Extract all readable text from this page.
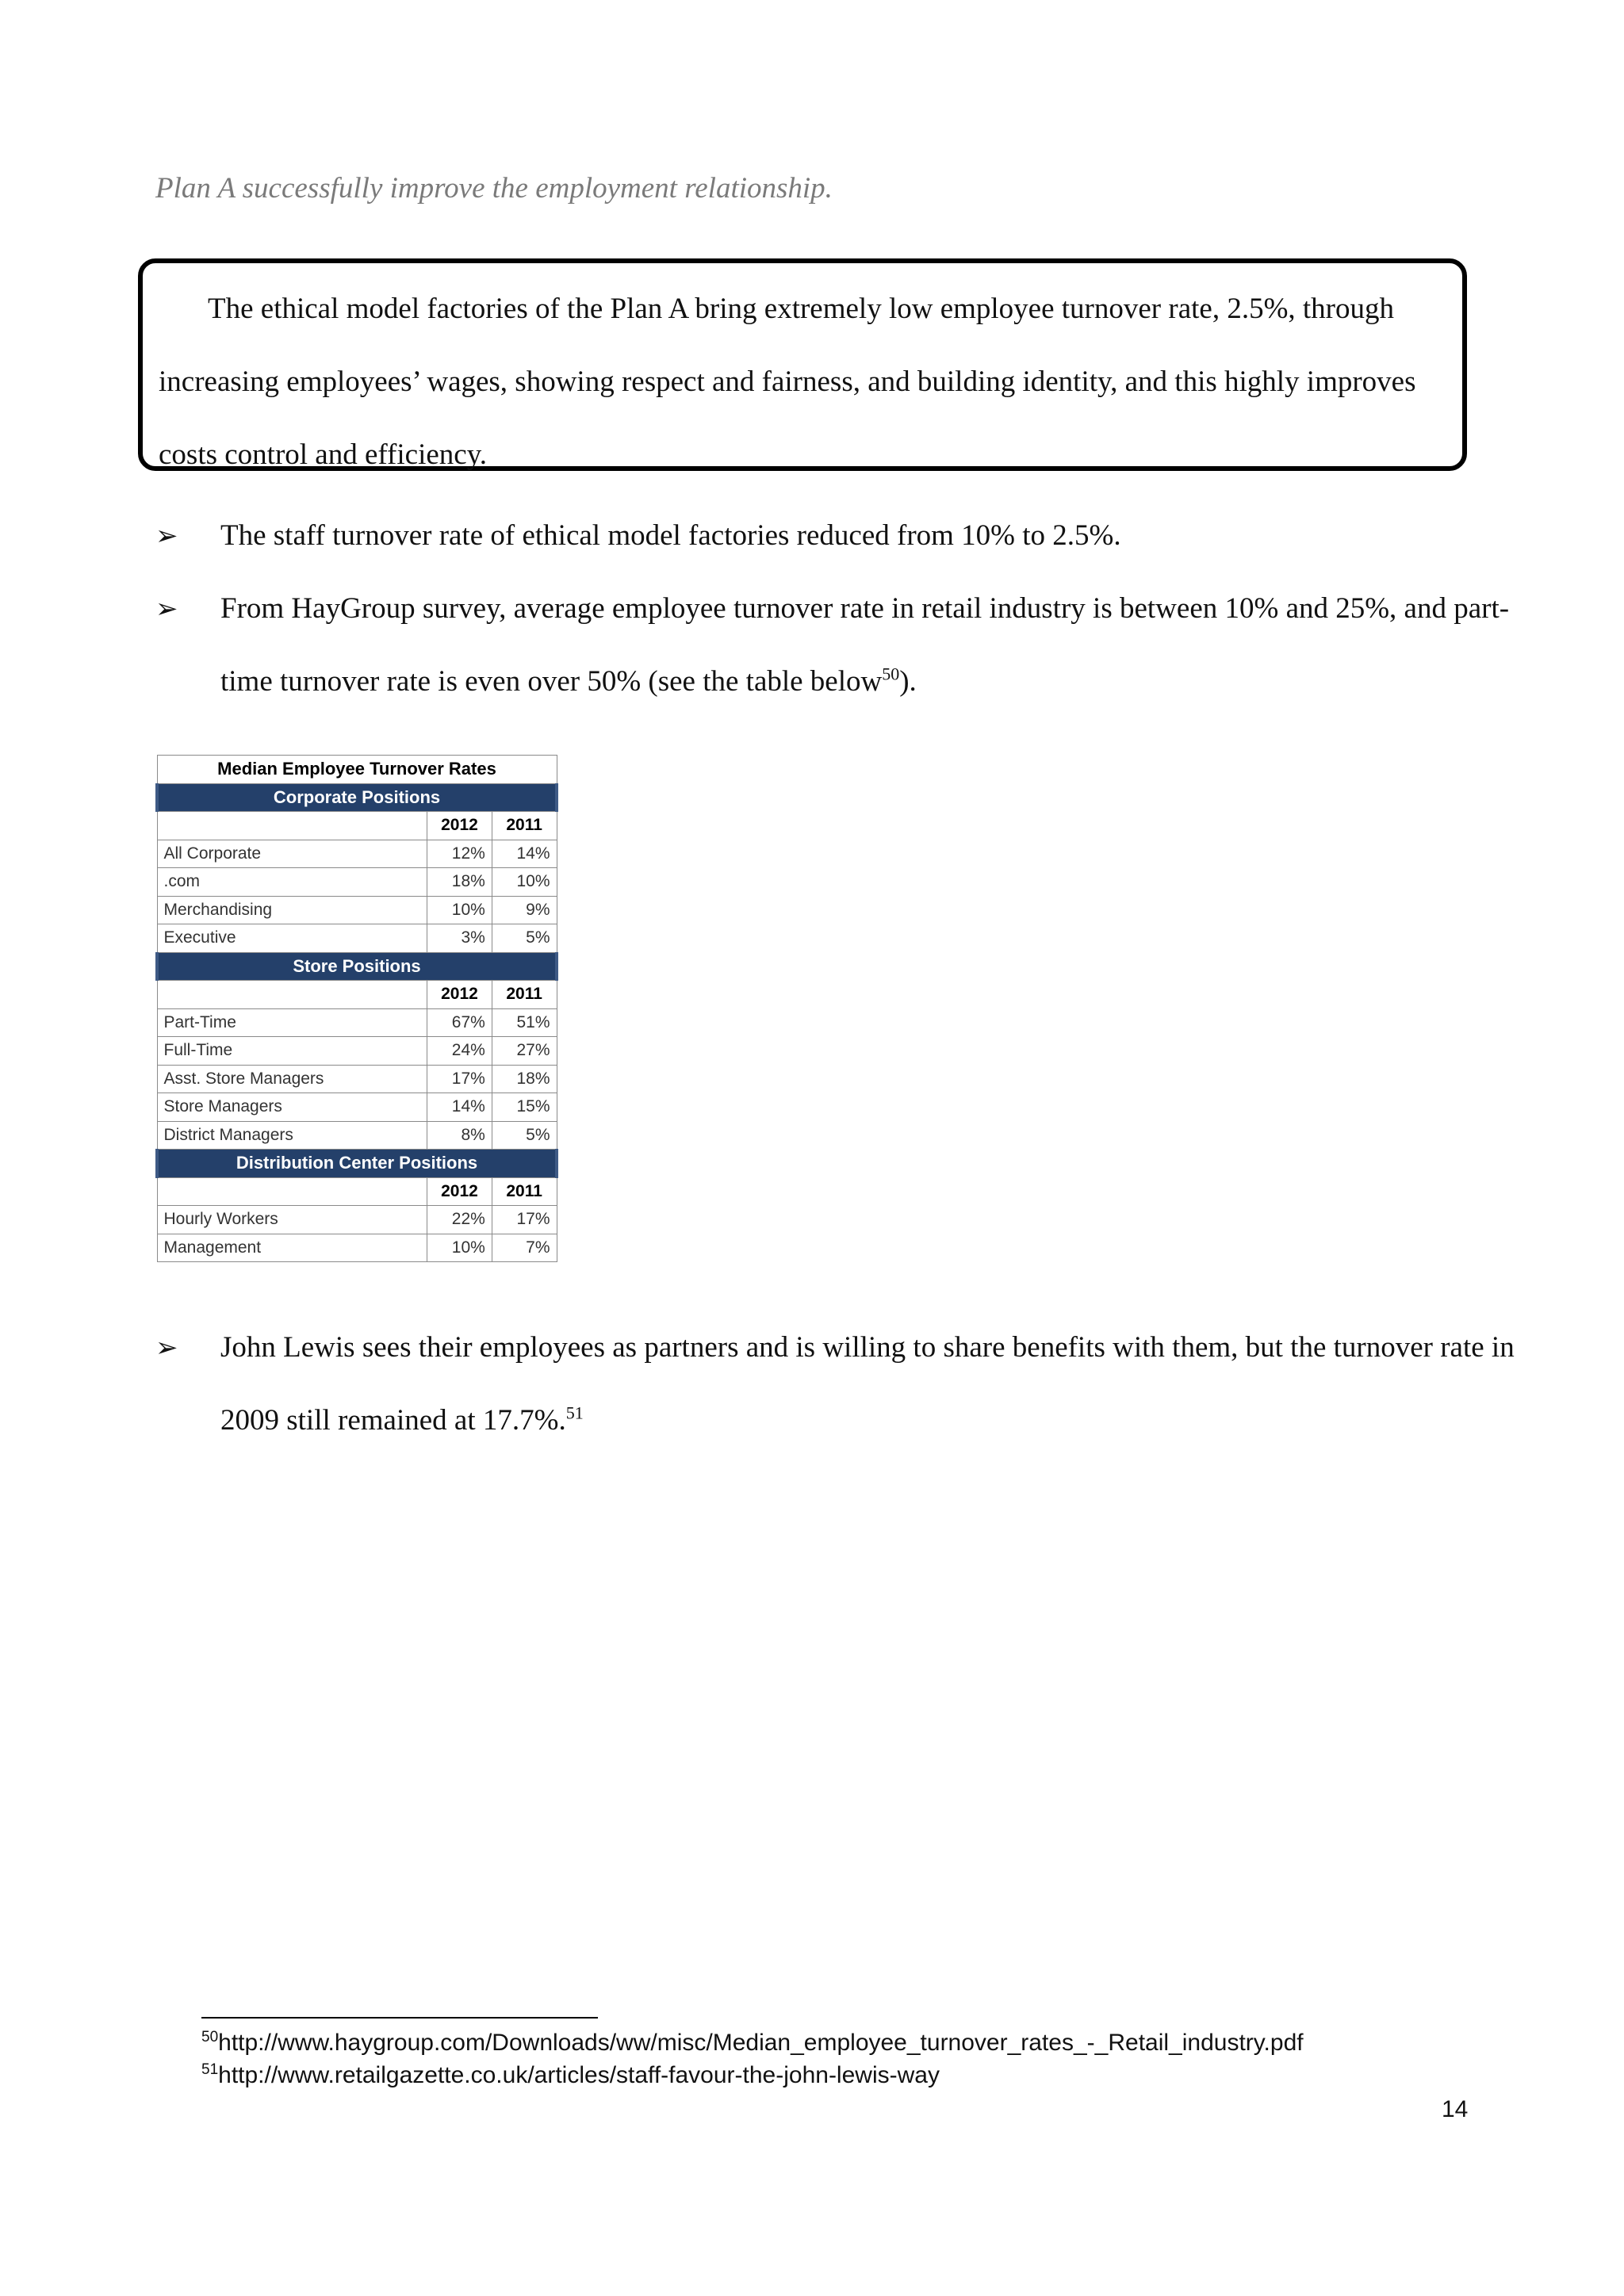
Plan A successfully improve the employment relationship.

The ethical model factories of the Plan A bring extremely low employee turnover rate, 2.5%, through increasing employees’ wages, showing respect and fairness, and building identity, and this highly improves costs control and efficiency.

➢	The staff turnover rate of ethical model factories reduced from 10% to 2.5%.
➢	From HayGroup survey, average employee turnover rate in retail industry is between 10% and 25%, and part-time turnover rate is even over 50% (see the table below$^{50}$).
Median Employee Turnover Rates		
Corporate Positions		
	2012	2011
All Corporate	12%	14%
.com	18%	10%
Merchandising	10%	9%
Executive	3%	5%
Store Positions		
	2012	2011
Part-Time	67%	51%
Full-Time	24%	27%
Asst. Store Managers	17%	18%
Store Managers	14%	15%
District Managers	8%	5%
Distribution Center Positions		
	2012	2011
Hourly Workers	22%	17%
Management	10%	7%
➢	John Lewis sees their employees as partners and is willing to share benefits with them, but the turnover rate in 2009 still remained at 17.7%.$^{51}$
$^{50}$http://www.haygroup.com/Downloads/ww/misc/Median_employee_turnover_rates_-_Retail_industry.pdf
$^{51}$http://www.retailgazette.co.uk/articles/staff-favour-the-john-lewis-way
14
